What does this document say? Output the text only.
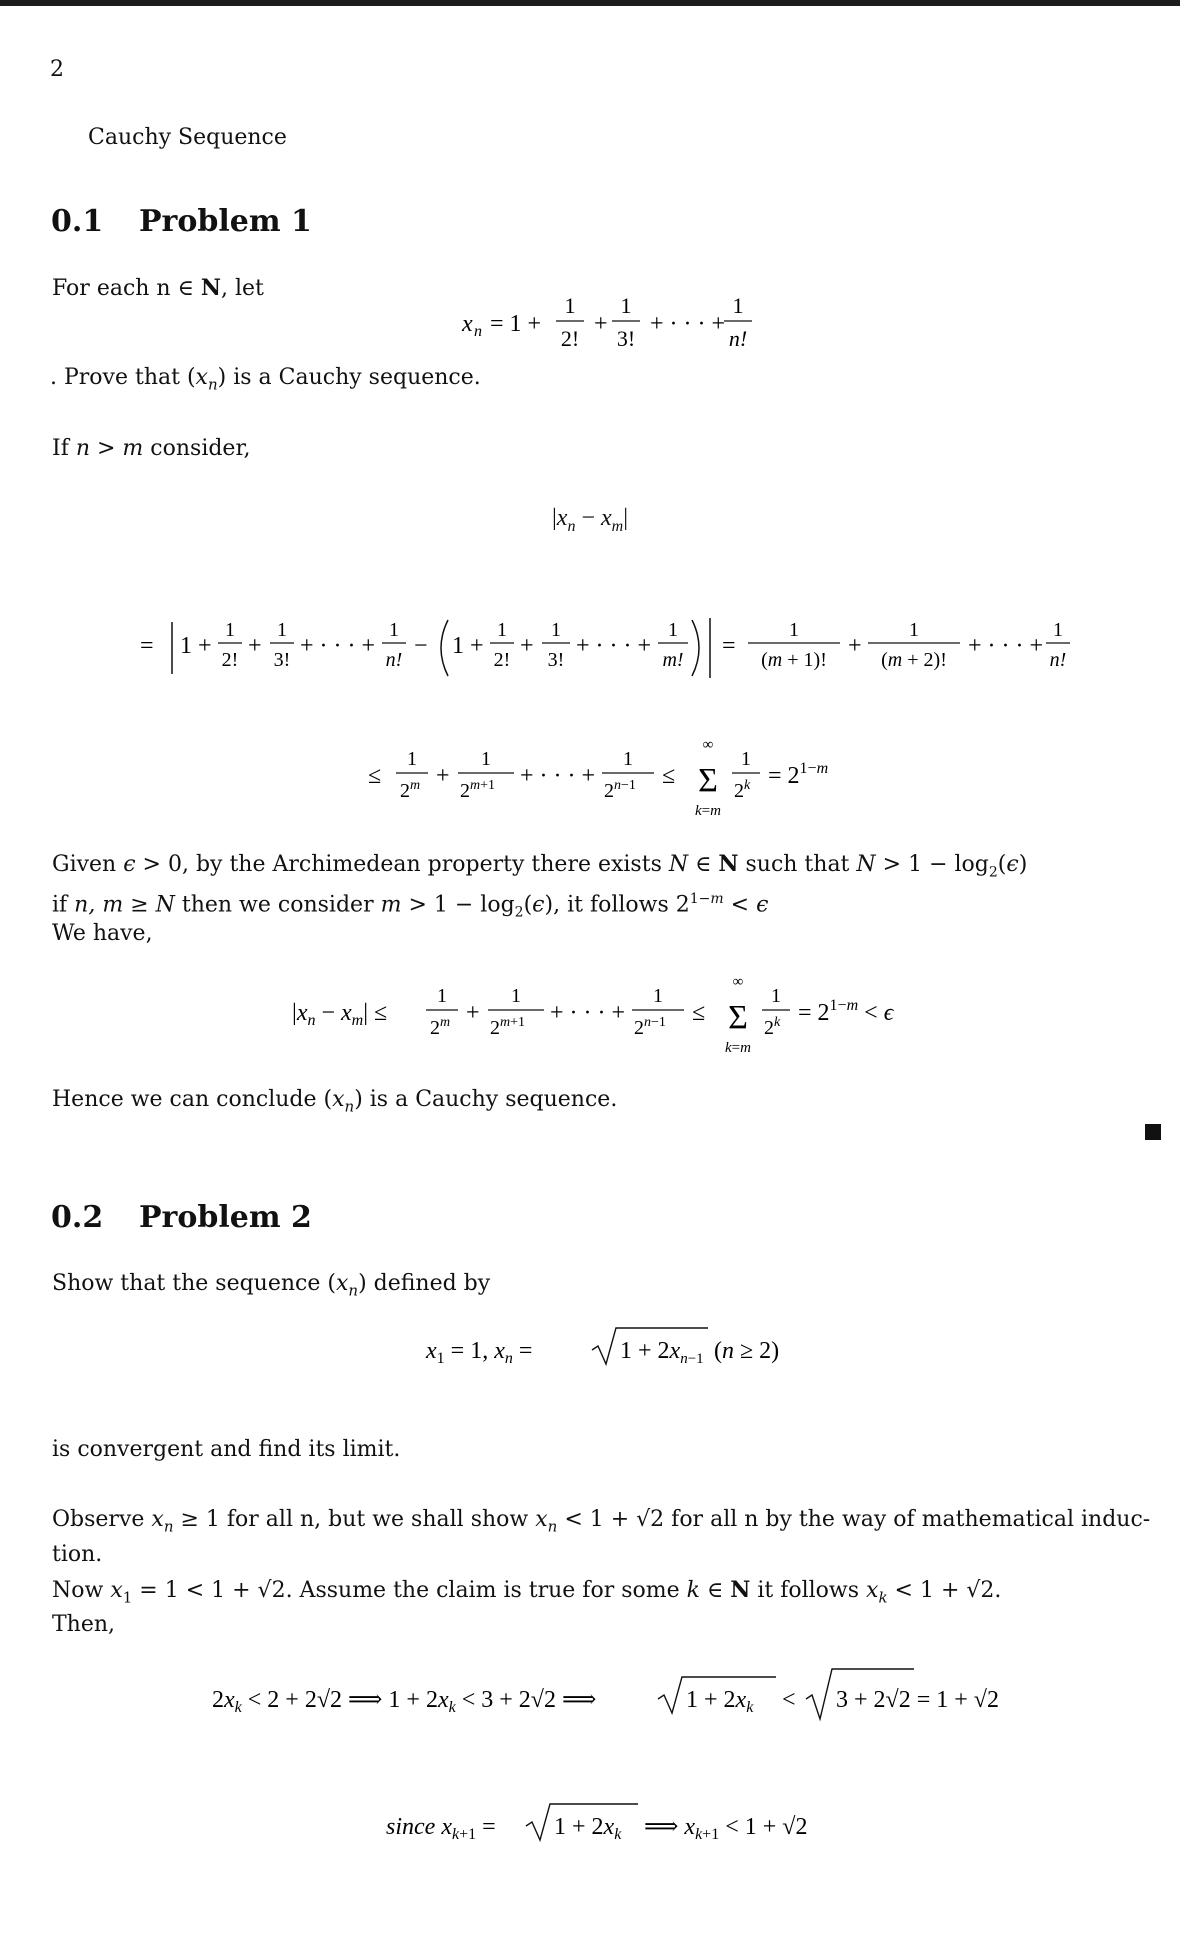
2
Cauchy Sequence
0.1 Problem 1
For each n ∈ N, let
x n = 1 +
1
2!
+
1
3!
+ · · · +
1
n!
. Prove that $(x_n)$ is a Cauchy sequence.
If n > m consider,
$|x_n - x_m|$
= 1 +
1
2!
+
1
3!
+ · · · +
1
n!
− 1 +
1
2!
+
1
3!
+ · · · +
1
m!
=
1
(m + 1)!
+
1
(m + 2)!
+ · · · +
1
n!
≤
1
$2^m$ +
1
$2^{m+1}$ + · · · +
1
$2^{n-1}$ ≤
∞
Σ
k=m
1
$2^k = 2^{1-m}$
Given ϵ > 0, by the Archimedean property there exists N ∈ N such that $N > 1 - \log_2(\epsilon)$
if n, m ≥ N then we consider $m > 1 - \log_2(\epsilon)$, it follows $2^{1-m} < \epsilon$
We have,
$|x_n - x_m|$ ≤
1
$2^m$ +
1
$2^{m+1}$ + · · · +
1
$2^{n-1}$ ≤
∞
Σ
k=m
1
$2^k = 2^{1-m} < \epsilon$
Hence we can conclude $(x_n)$ is a Cauchy sequence.
0.2 Problem 2
Show that the sequence $(x_n)$ defined by
$x_1 = 1$, $x_n$ =	$1 + 2x_{n-1}$ (n ≥ 2)
is convergent and find its limit.
Observe $x_n \ge 1$ for all n, but we shall show $x_n < 1 + √2$ for all n by the way of mathematical induc-
tion.
Now $x_1 = 1 < 1 + √2$. Assume the claim is true for some k ∈ N it follows $x_k < 1 + √2$.
Then,
$2x_k < 2 + 2√2$ ⟹ $1 + 2x_k < 3 + 2√2$ ⟹	$1 + 2x_k < 3 + 2√2 = 1 + √2$
since $x_{k+1} = 1 + 2x_k$ ⟹ $x_{k+1} < 1 + √2$
